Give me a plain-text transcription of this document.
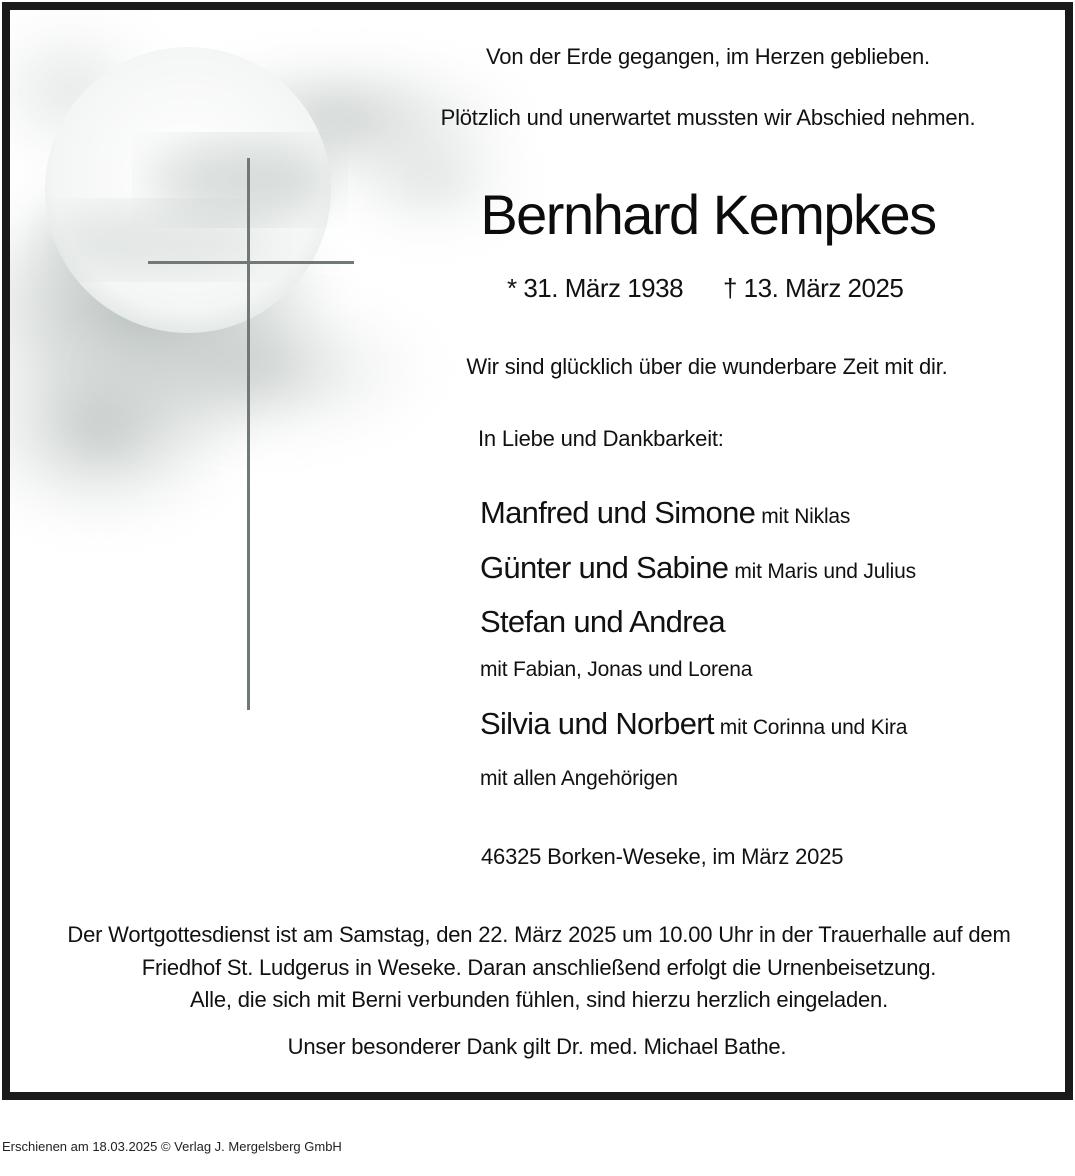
Von der Erde gegangen, im Herzen geblieben.
Plötzlich und unerwartet mussten wir Abschied nehmen.
Bernhard Kempkes
* 31. März 1938 † 13. März 2025
Wir sind glücklich über die wunderbare Zeit mit dir.
In Liebe und Dankbarkeit:
Manfred und Simone mit Niklas
Günter und Sabine mit Maris und Julius
Stefan und Andrea
mit Fabian, Jonas und Lorena
Silvia und Norbert mit Corinna und Kira
mit allen Angehörigen
46325 Borken-Weseke, im März 2025
Der Wortgottesdienst ist am Samstag, den 22. März 2025 um 10.00 Uhr in der Trauerhalle auf dem
Friedhof St. Ludgerus in Weseke. Daran anschließend erfolgt die Urnenbeisetzung.
Alle, die sich mit Berni verbunden fühlen, sind hierzu herzlich eingeladen.
Unser besonderer Dank gilt Dr. med. Michael Bathe.
Erschienen am 18.03.2025 © Verlag J. Mergelsberg GmbH
